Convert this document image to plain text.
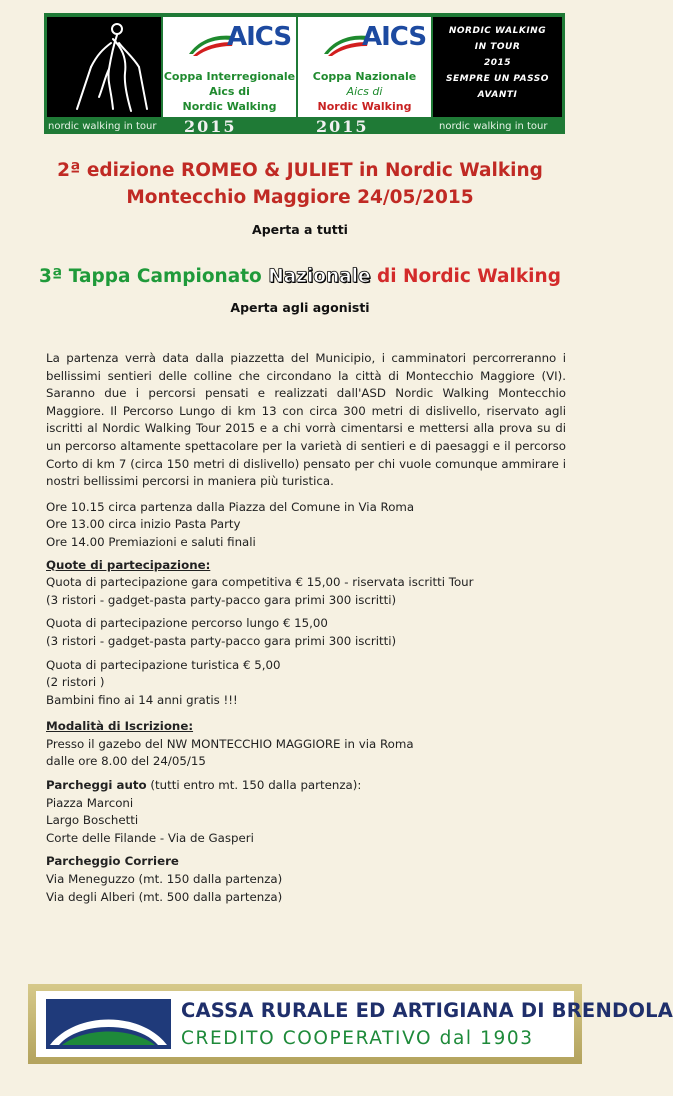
AICS
Coppa Interregionale
Aics di
Nordic Walking
AICS
Coppa Nazionale
Aics di
Nordic Walking
NORDIC WALKING
IN TOUR
2015
SEMPRE UN PASSO
AVANTI
nordic walking in tour 2015	2015	nordic walking in tour
2ª edizione ROMEO & JULIET in Nordic Walking
Montecchio Maggiore 24/05/2015
Aperta a tutti
3ª Tappa Campionato Nazionale di Nordic Walking
Aperta agli agonisti

La partenza verrà data dalla piazzetta del Municipio, i camminatori percorreranno i bellissimi sentieri delle colline che circondano la città di Montecchio Maggiore (VI). Saranno due i percorsi pensati e realizzati dall'ASD Nordic Walking Montecchio Maggiore. Il Percorso Lungo di km 13 con circa 300 metri di dislivello, riservato agli iscritti al Nordic Walking Tour 2015 e a chi vorrà cimentarsi e mettersi alla prova su di un percorso altamente spettacolare per la varietà di sentieri e di paesaggi e il percorso Corto di km 7 (circa 150 metri di dislivello) pensato per chi vuole comunque ammirare i nostri bellissimi percorsi in maniera più turistica.

Ore 10.15 circa partenza dalla Piazza del Comune in Via Roma

Ore 13.00 circa inizio Pasta Party

Ore 14.00 Premiazioni e saluti finali

Quote di partecipazione:

Quota di partecipazione gara competitiva € 15,00 - riservata iscritti Tour

(3 ristori - gadget-pasta party-pacco gara primi 300 iscritti)

Quota di partecipazione percorso lungo € 15,00

(3 ristori - gadget-pasta party-pacco gara primi 300 iscritti)

Quota di partecipazione turistica € 5,00

(2 ristori )

Bambini fino ai 14 anni gratis !!!

Modalità di Iscrizione:

Presso il gazebo del NW MONTECCHIO MAGGIORE in via Roma

dalle ore 8.00 del 24/05/15

Parcheggi auto (tutti entro mt. 150 dalla partenza):

Piazza Marconi

Largo Boschetti

Corte delle Filande - Via de Gasperi

Parcheggio Corriere

Via Meneguzzo (mt. 150 dalla partenza)

Via degli Alberi (mt. 500 dalla partenza)

CASSA RURALE ED ARTIGIANA DI BRENDOLA
CREDITO COOPERATIVO dal 1903
